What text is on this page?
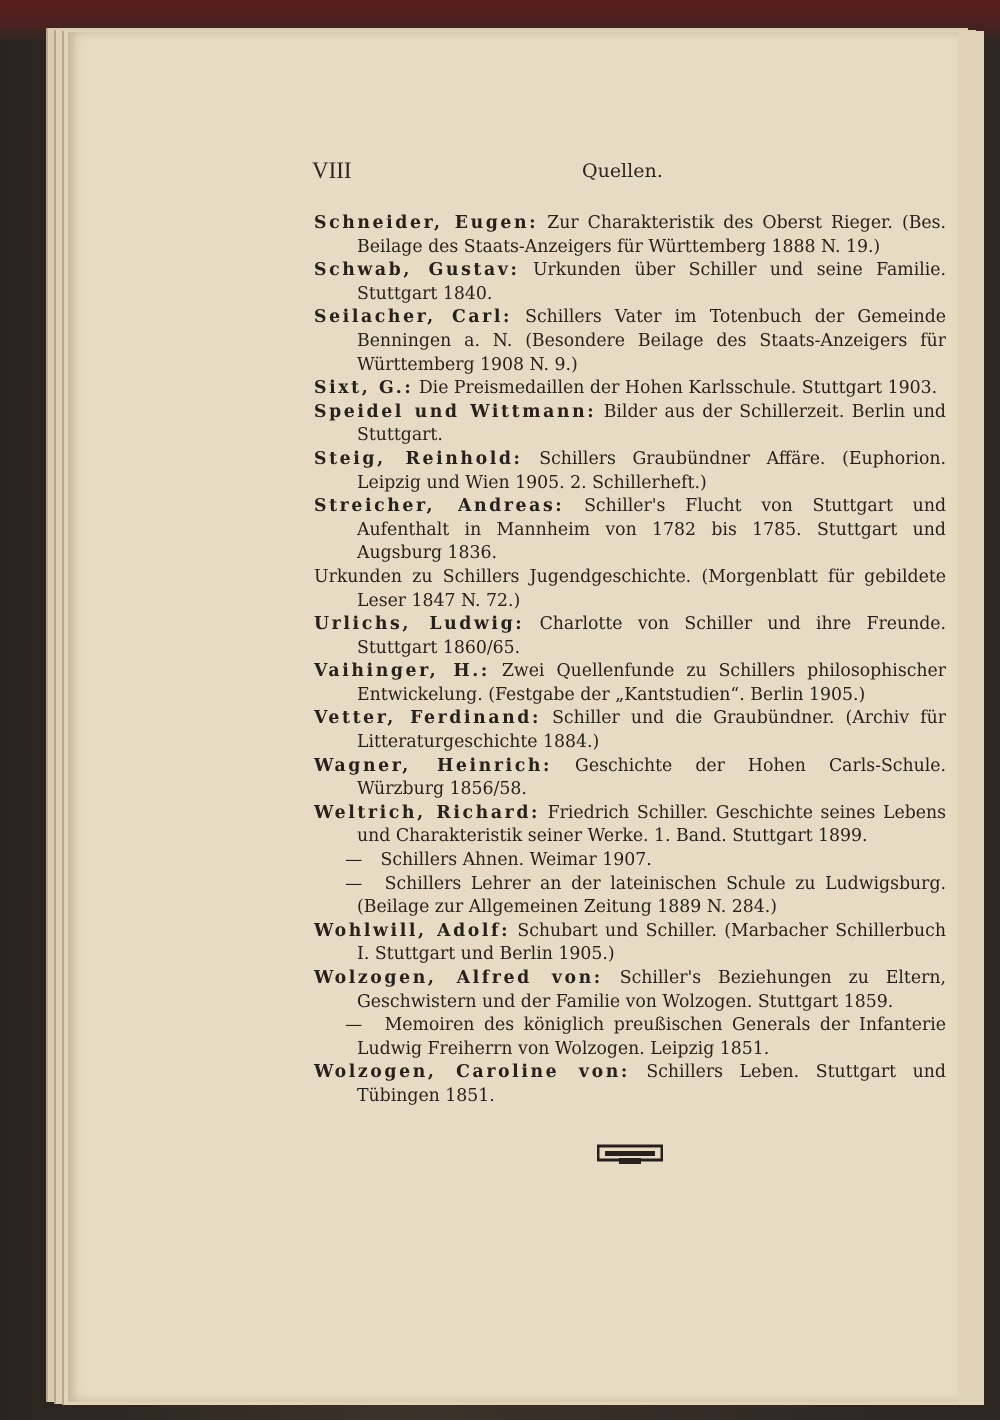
VIII	Quellen.

Schneider, Eugen: Zur Charakteristik des Oberst Rieger. (Bes. Beilage des Staats-Anzeigers für Württemberg 1888 N. 19.)

Schwab, Gustav: Urkunden über Schiller und seine Familie. Stuttgart 1840.

Seilacher, Carl: Schillers Vater im Totenbuch der Gemeinde Benningen a. N. (Besondere Beilage des Staats-Anzeigers für Württemberg 1908 N. 9.)

Sixt, G.: Die Preismedaillen der Hohen Karlsschule. Stuttgart 1903.

Speidel und Wittmann: Bilder aus der Schillerzeit. Berlin und Stuttgart.

Steig, Reinhold: Schillers Graubündner Affäre. (Euphorion. Leipzig und Wien 1905. 2. Schillerheft.)

Streicher, Andreas: Schiller's Flucht von Stuttgart und Aufenthalt in Mannheim von 1782 bis 1785. Stuttgart und Augsburg 1836.

Urkunden zu Schillers Jugendgeschichte. (Morgenblatt für gebildete Leser 1847 N. 72.)

Urlichs, Ludwig: Charlotte von Schiller und ihre Freunde. Stuttgart 1860/65.

Vaihinger, H.: Zwei Quellenfunde zu Schillers philosophischer Entwickelung. (Festgabe der „Kantstudien“. Berlin 1905.)

Vetter, Ferdinand: Schiller und die Graubündner. (Archiv für Litteraturgeschichte 1884.)

Wagner, Heinrich: Geschichte der Hohen Carls-Schule. Würzburg 1856/58.

Weltrich, Richard: Friedrich Schiller. Geschichte seines Lebens und Charakteristik seiner Werke. 1. Band. Stuttgart 1899.

— Schillers Ahnen. Weimar 1907.

— Schillers Lehrer an der lateinischen Schule zu Ludwigsburg. (Beilage zur Allgemeinen Zeitung 1889 N. 284.)

Wohlwill, Adolf: Schubart und Schiller. (Marbacher Schillerbuch I. Stuttgart und Berlin 1905.)

Wolzogen, Alfred von: Schiller's Beziehungen zu Eltern, Geschwistern und der Familie von Wolzogen. Stuttgart 1859.

— Memoiren des königlich preußischen Generals der Infanterie Ludwig Freiherrn von Wolzogen. Leipzig 1851.

Wolzogen, Caroline von: Schillers Leben. Stuttgart und Tübingen 1851.
